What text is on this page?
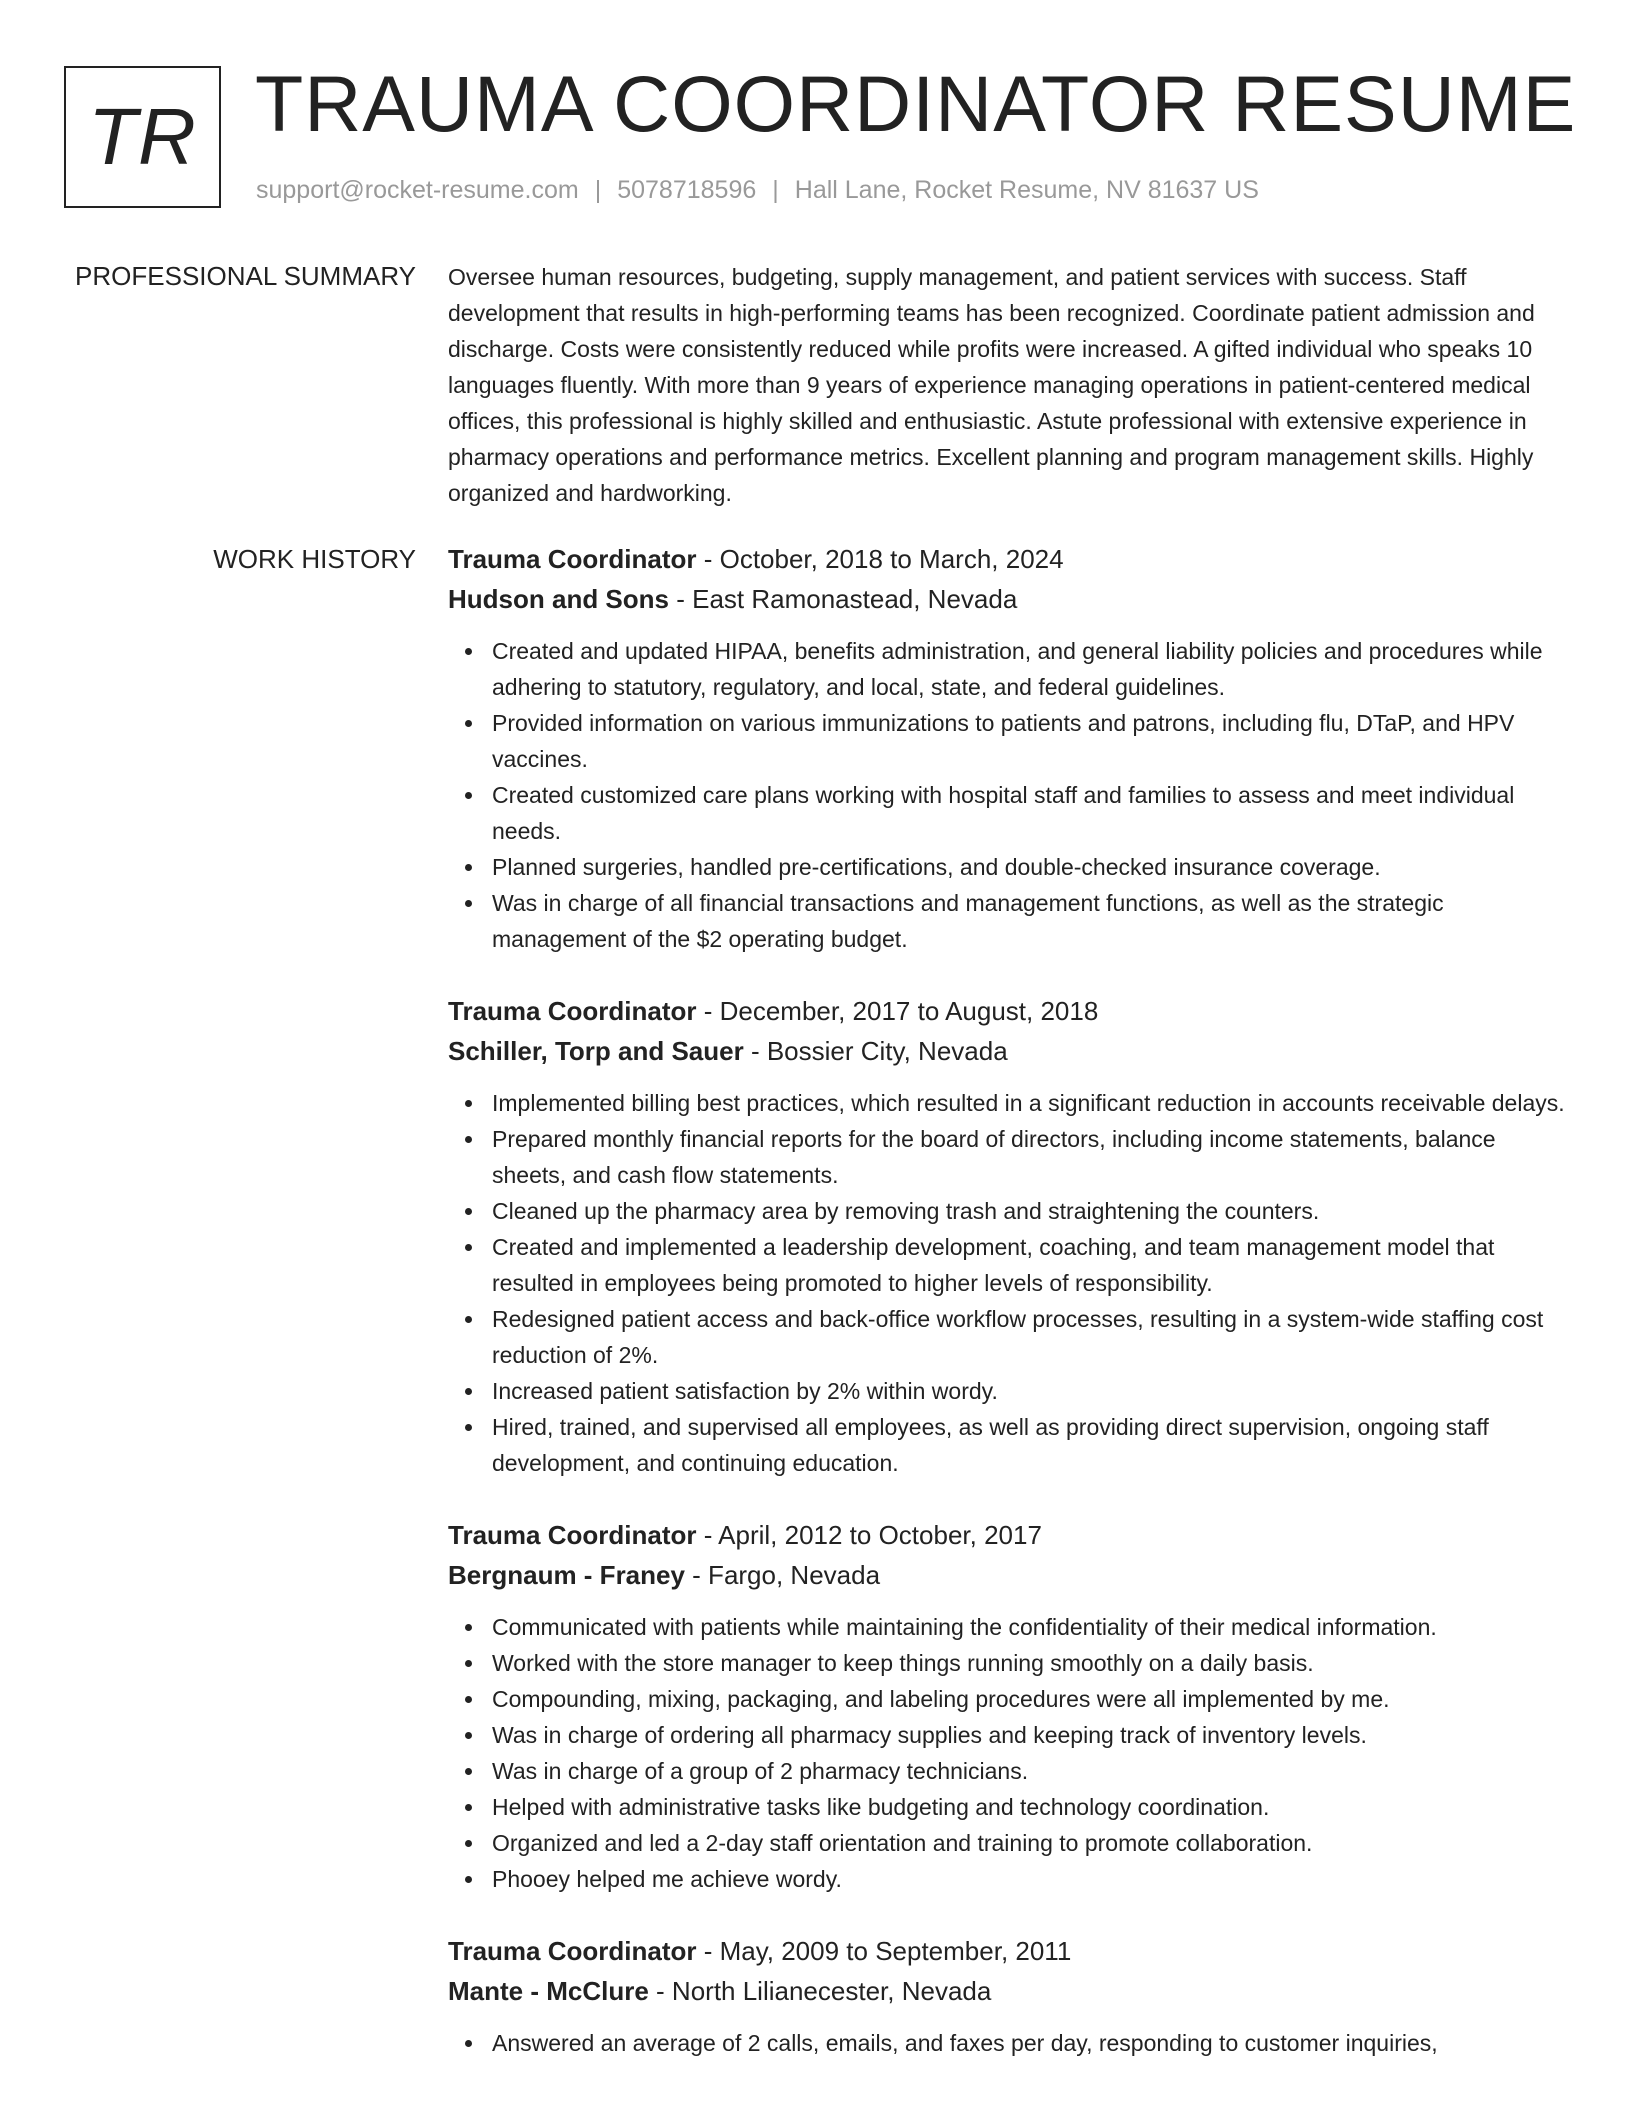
TR TRAUMA COORDINATOR RESUME
support@rocket-resume.com | 5078718596 | Hall Lane, Rocket Resume, NV 81637 US
PROFESSIONAL SUMMARY Oversee human resources, budgeting, supply management, and patient services with success. Staff development that results in high-performing teams has been recognized. Coordinate patient admission and discharge. Costs were consistently reduced while profits were increased. A gifted individual who speaks 10 languages fluently. With more than 9 years of experience managing operations in patient-centered medical offices, this professional is highly skilled and enthusiastic. Astute professional with extensive experience in pharmacy operations and performance metrics. Excellent planning and program management skills. Highly organized and hardworking.

WORK HISTORY Trauma Coordinator - October, 2018 to March, 2024
Hudson and Sons - East Ramonastead, Nevada
Created and updated HIPAA, benefits administration, and general liability policies and procedures while adhering to statutory, regulatory, and local, state, and federal guidelines.
Provided information on various immunizations to patients and patrons, including flu, DTaP, and HPV vaccines.
Created customized care plans working with hospital staff and families to assess and meet individual needs.
Planned surgeries, handled pre-certifications, and double-checked insurance coverage.
Was in charge of all financial transactions and management functions, as well as the strategic management of the $2 operating budget.
Trauma Coordinator - December, 2017 to August, 2018
Schiller, Torp and Sauer - Bossier City, Nevada
Implemented billing best practices, which resulted in a significant reduction in accounts receivable delays.
Prepared monthly financial reports for the board of directors, including income statements, balance sheets, and cash flow statements.
Cleaned up the pharmacy area by removing trash and straightening the counters.
Created and implemented a leadership development, coaching, and team management model that resulted in employees being promoted to higher levels of responsibility.
Redesigned patient access and back-office workflow processes, resulting in a system-wide staffing cost reduction of 2%.
Increased patient satisfaction by 2% within wordy.
Hired, trained, and supervised all employees, as well as providing direct supervision, ongoing staff development, and continuing education.
Trauma Coordinator - April, 2012 to October, 2017
Bergnaum - Franey - Fargo, Nevada
Communicated with patients while maintaining the confidentiality of their medical information.
Worked with the store manager to keep things running smoothly on a daily basis.
Compounding, mixing, packaging, and labeling procedures were all implemented by me.
Was in charge of ordering all pharmacy supplies and keeping track of inventory levels.
Was in charge of a group of 2 pharmacy technicians.
Helped with administrative tasks like budgeting and technology coordination.
Organized and led a 2-day staff orientation and training to promote collaboration.
Phooey helped me achieve wordy.
Trauma Coordinator - May, 2009 to September, 2011
Mante - McClure - North Lilianecester, Nevada
Answered an average of 2 calls, emails, and faxes per day, responding to customer inquiries,
